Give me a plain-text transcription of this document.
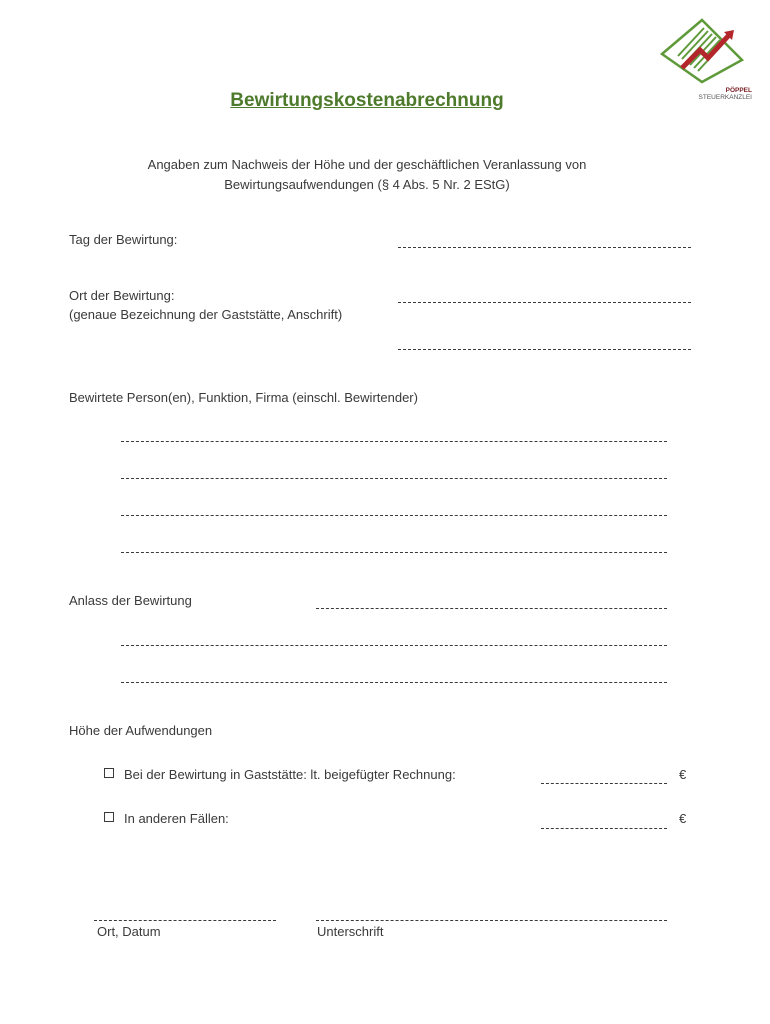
PÖPPEL
STEUERKANZLEI
Bewirtungskostenabrechnung
Angaben zum Nachweis der Höhe und der geschäftlichen Veranlassung von
Bewirtungsaufwendungen (§ 4 Abs. 5 Nr. 2 EStG)
Tag der Bewirtung:
Ort der Bewirtung:
(genaue Bezeichnung der Gaststätte, Anschrift)
Bewirtete Person(en), Funktion, Firma (einschl. Bewirtender)
Anlass der Bewirtung
Höhe der Aufwendungen
Bei der Bewirtung in Gaststätte: lt. beigefügter Rechnung:	€
In anderen Fällen:	€
Ort, Datum	Unterschrift
